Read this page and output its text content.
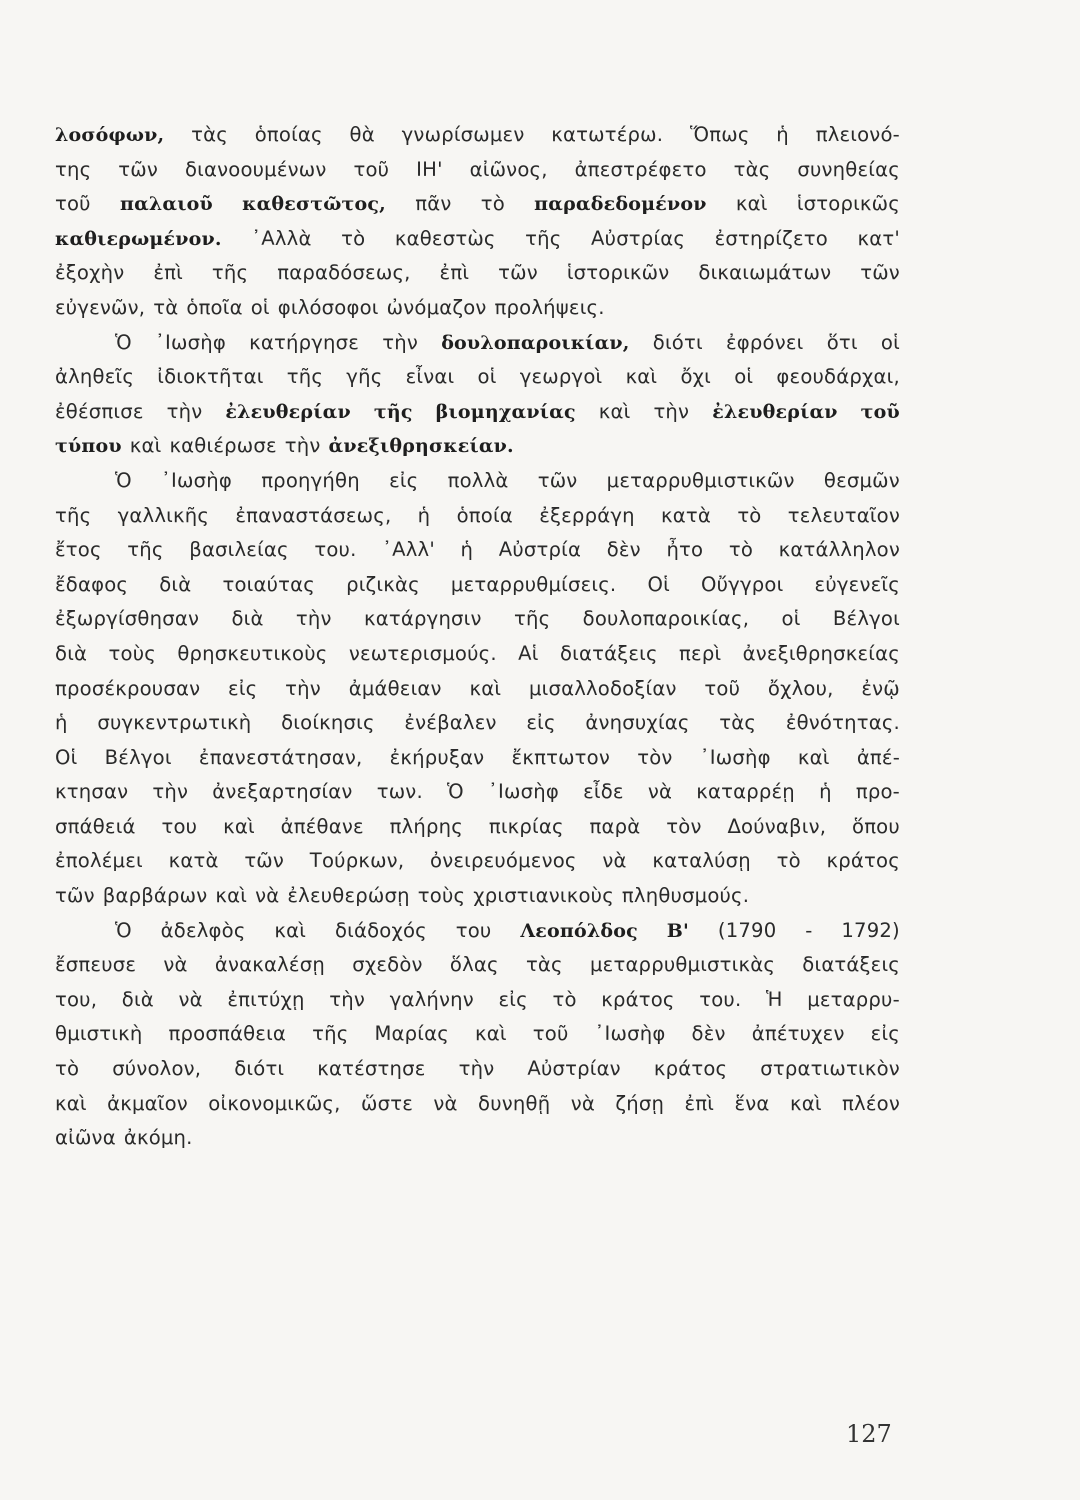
λοσόφων, τὰς ὁποίας θὰ γνωρίσωμεν κατωτέρω. Ὅπως ἡ πλειονό-
της τῶν διανοουμένων τοῦ ΙΗ' αἰῶνος, ἀπεστρέφετο τὰς συνηθείας
τοῦ παλαιοῦ καθεστῶτος, πᾶν τὸ παραδεδομένον καὶ ἱστορικῶς
καθιερωμένον. ᾿Αλλὰ τὸ καθεστὼς τῆς Αὐστρίας ἐστηρίζετο κατ'
ἐξοχὴν ἐπὶ τῆς παραδόσεως, ἐπὶ τῶν ἱστορικῶν δικαιωμάτων τῶν
εὐγενῶν, τὰ ὁποῖα οἱ φιλόσοφοι ὠνόμαζον προλήψεις.
Ὁ ᾿Ιωσὴφ κατήργησε τὴν δουλοπαροικίαν, διότι ἐφρόνει ὅτι οἱ
ἀληθεῖς ἰδιοκτῆται τῆς γῆς εἶναι οἱ γεωργοὶ καὶ ὄχι οἱ φεουδάρχαι,
ἐθέσπισε τὴν ἐλευθερίαν τῆς βιομηχανίας καὶ τὴν ἐλευθερίαν τοῦ
τύπου καὶ καθιέρωσε τὴν ἀνεξιθρησκείαν.
Ὁ ᾿Ιωσὴφ προηγήθη εἰς πολλὰ τῶν μεταρρυθμιστικῶν θεσμῶν
τῆς γαλλικῆς ἐπαναστάσεως, ἡ ὁποία ἐξερράγη κατὰ τὸ τελευταῖον
ἔτος τῆς βασιλείας του. ᾿Αλλ' ἡ Αὐστρία δὲν ἦτο τὸ κατάλληλον
ἔδαφος διὰ τοιαύτας ριζικὰς μεταρρυθμίσεις. Οἱ Οὔγγροι εὐγενεῖς
ἐξωργίσθησαν διὰ τὴν κατάργησιν τῆς δουλοπαροικίας, οἱ Βέλγοι
διὰ τοὺς θρησκευτικοὺς νεωτερισμούς. Αἱ διατάξεις περὶ ἀνεξιθρησκείας
προσέκρουσαν εἰς τὴν ἀμάθειαν καὶ μισαλλοδοξίαν τοῦ ὄχλου, ἐνῷ
ἡ συγκεντρωτικὴ διοίκησις ἐνέβαλεν εἰς ἀνησυχίας τὰς ἐθνότητας.
Οἱ Βέλγοι ἐπανεστάτησαν, ἐκήρυξαν ἔκπτωτον τὸν ᾿Ιωσὴφ καὶ ἀπέ-
κτησαν τὴν ἀνεξαρτησίαν των. Ὁ ᾿Ιωσὴφ εἶδε νὰ καταρρέῃ ἡ προ-
σπάθειά του καὶ ἀπέθανε πλήρης πικρίας παρὰ τὸν Δούναβιν, ὅπου
ἐπολέμει κατὰ τῶν Τούρκων, ὀνειρευόμενος νὰ καταλύσῃ τὸ κράτος
τῶν βαρβάρων καὶ νὰ ἐλευθερώσῃ τοὺς χριστιανικοὺς πληθυσμούς.
Ὁ ἀδελφὸς καὶ διάδοχός του Λεοπόλδος Β' (1790 - 1792)
ἔσπευσε νὰ ἀνακαλέσῃ σχεδὸν ὅλας τὰς μεταρρυθμιστικὰς διατάξεις
του, διὰ νὰ ἐπιτύχῃ τὴν γαλήνην εἰς τὸ κράτος του. Ἡ μεταρρυ-
θμιστικὴ προσπάθεια τῆς Μαρίας καὶ τοῦ ᾿Ιωσὴφ δὲν ἀπέτυχεν εἰς
τὸ σύνολον, διότι κατέστησε τὴν Αὐστρίαν κράτος στρατιωτικὸν
καὶ ἀκμαῖον οἰκονομικῶς, ὥστε νὰ δυνηθῇ νὰ ζήσῃ ἐπὶ ἕνα καὶ πλέον
αἰῶνα ἀκόμη.
127
